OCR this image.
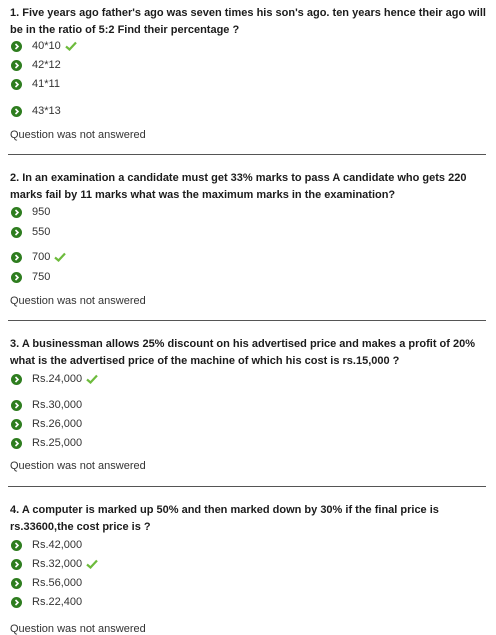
1. Five years ago father's ago was seven times his son's ago. ten years hence their ago will be in the ratio of 5:2 Find their percentage ?

40*10
42*12
41*11
43*13
Question was not answered

2. In an examination a candidate must get 33% marks to pass A candidate who gets 220 marks fail by 11 marks what was the maximum marks in the examination?

950
550
700
750
Question was not answered

3. A businessman allows 25% discount on his advertised price and makes a profit of 20% what is the advertised price of the machine of which his cost is rs.15,000 ?

Rs.24,000
Rs.30,000
Rs.26,000
Rs.25,000
Question was not answered

4. A computer is marked up 50% and then marked down by 30% if the final price is rs.33600,the cost price is ?

Rs.42,000
Rs.32,000
Rs.56,000
Rs.22,400
Question was not answered
